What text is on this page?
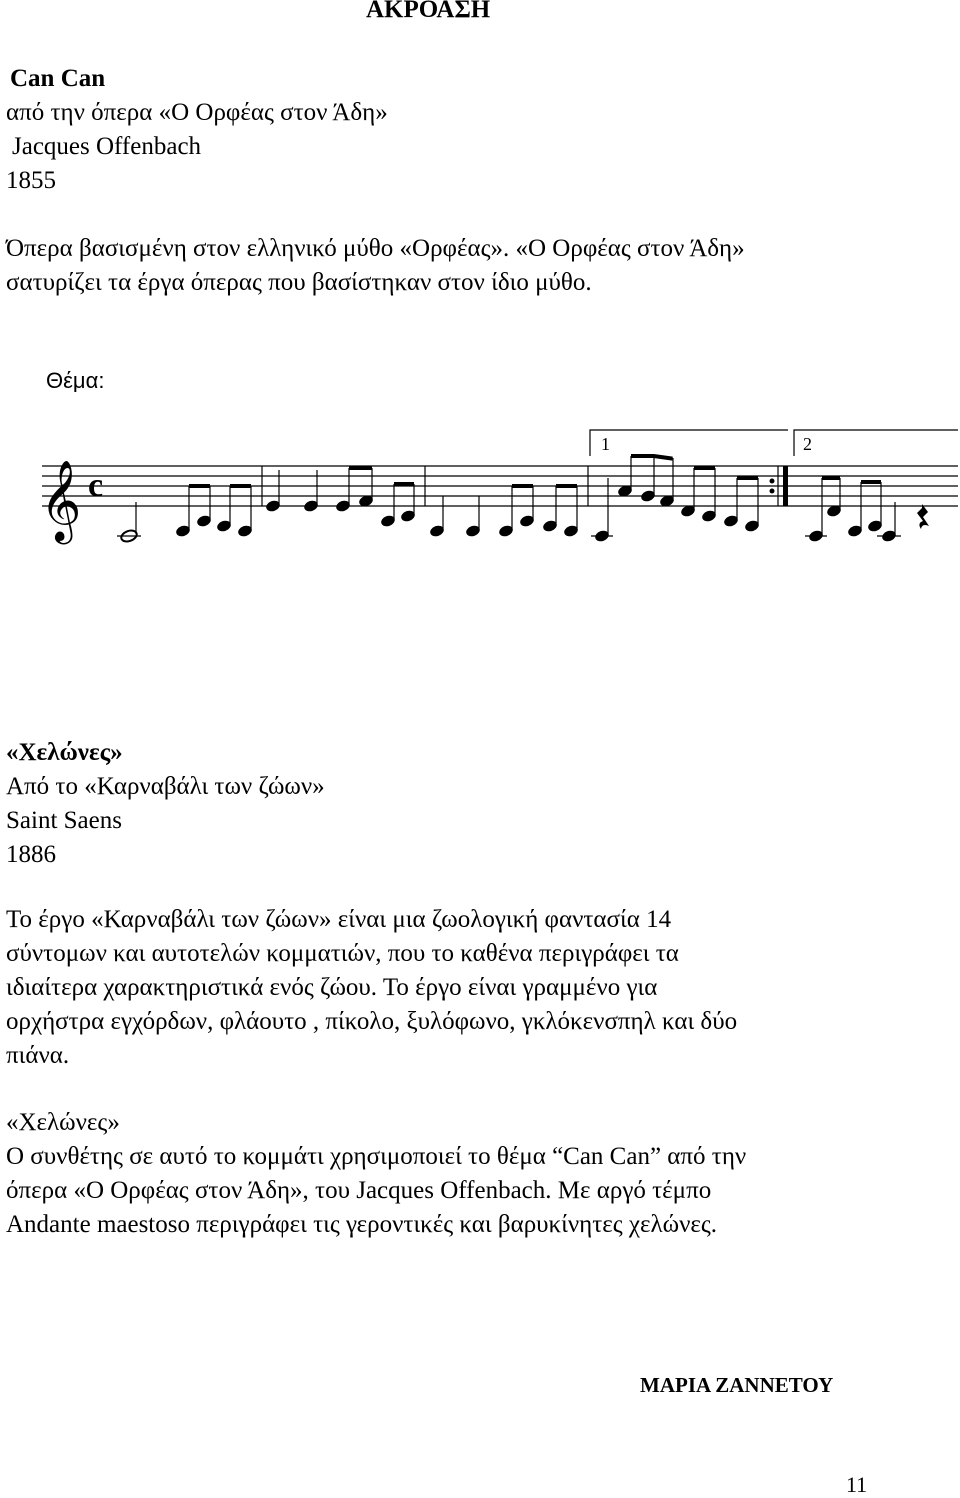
ΑΚΡΟΑΣΗ
Can Can
από την όπερα «Ο Ορφέας στον Άδη»
Jacques Offenbach
1855
Όπερα βασισμένη στον ελληνικό μύθο «Ορφέας». «Ο Ορφέας στον Άδη»
σατυρίζει τα έργα όπερας που βασίστηκαν στον ίδιο μύθο.
Θέμα:
1	2
𝄞 c
«Χελώνες»
Από το «Καρναβάλι των ζώων»
Saint Saens
1886
Το έργο «Καρναβάλι των ζώων» είναι μια ζωολογική φαντασία 14
σύντομων και αυτοτελών κομματιών, που το καθένα περιγράφει τα
ιδιαίτερα χαρακτηριστικά ενός ζώου. Το έργο είναι γραμμένο για
ορχήστρα εγχόρδων, φλάουτο , πίκολο, ξυλόφωνο, γκλόκενσπηλ και δύο
πιάνα.
«Χελώνες»
Ο συνθέτης σε αυτό το κομμάτι χρησιμοποιεί το θέμα “Can Can” από την
όπερα «Ο Ορφέας στον Άδη», του Jacques Offenbach. Με αργό τέμπο
Andante maestoso περιγράφει τις γεροντικές και βαρυκίνητες χελώνες.
ΜΑΡΙΑ ΖΑΝΝΕΤΟΥ
11
